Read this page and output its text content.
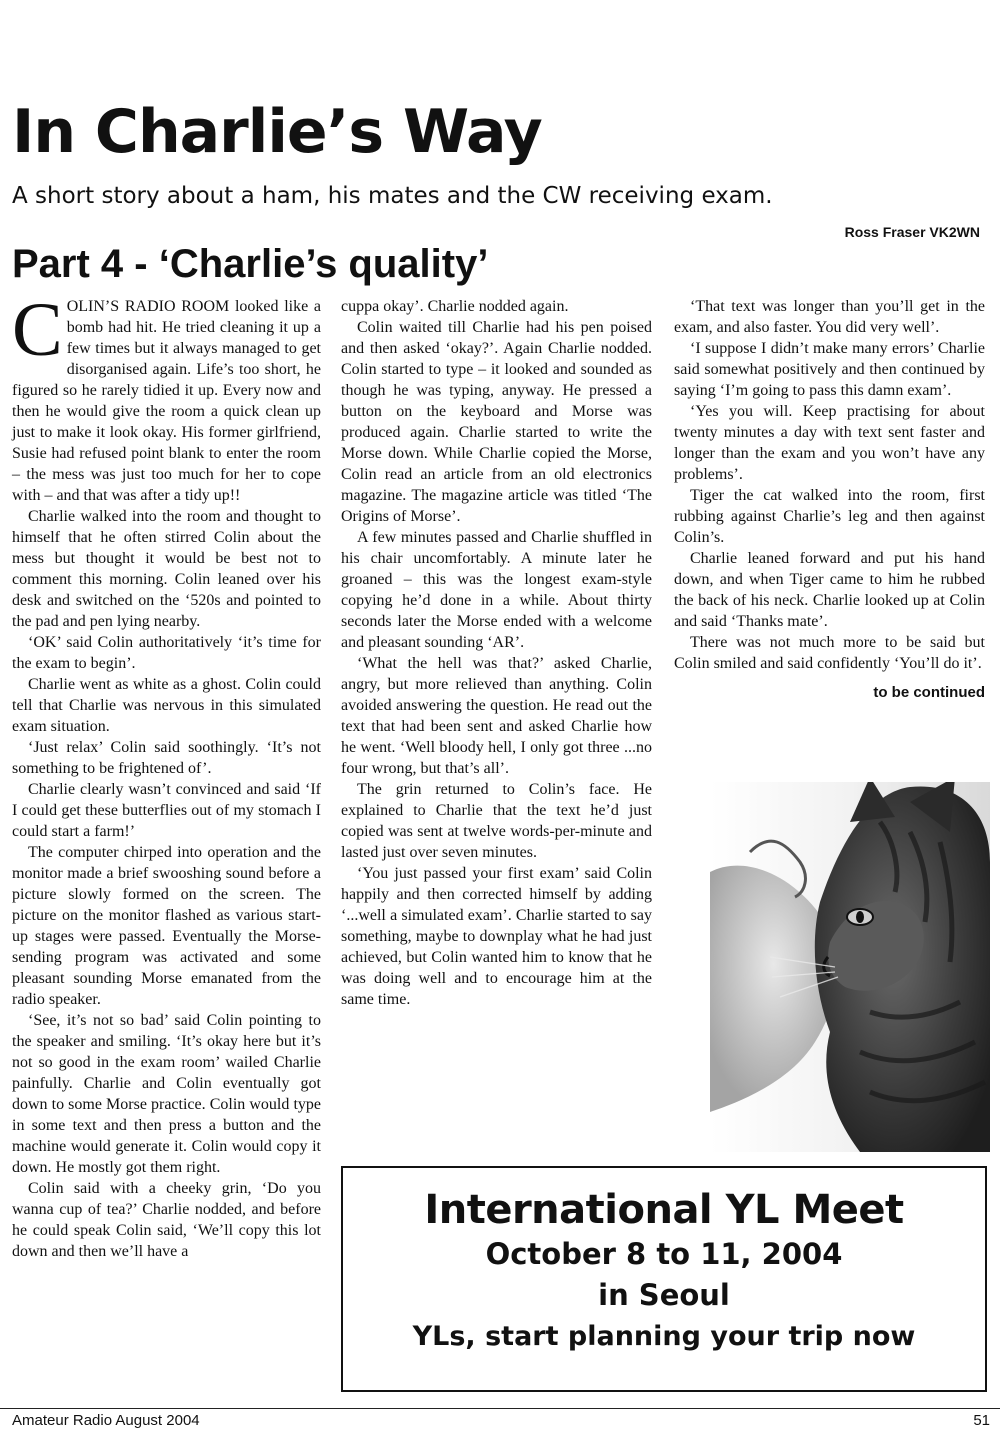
In Charlie’s Way
A short story about a ham, his mates and the CW receiving exam.
Ross Fraser VK2WN
Part 4 - ‘Charlie’s quality’

COLIN’S RADIO ROOM looked like a bomb had hit. He tried cleaning it up a few times but it always managed to get disorganised again. Life’s too short, he figured so he rarely tidied it up. Every now and then he would give the room a quick clean up just to make it look okay. His former girlfriend, Susie had refused point blank to enter the room – the mess was just too much for her to cope with – and that was after a tidy up!!

Charlie walked into the room and thought to himself that he often stirred Colin about the mess but thought it would be best not to comment this morning. Colin leaned over his desk and switched on the ‘520s and pointed to the pad and pen lying nearby.

‘OK’ said Colin authoritatively ‘it’s time for the exam to begin’.

Charlie went as white as a ghost. Colin could tell that Charlie was nervous in this simulated exam situation.

‘Just relax’ Colin said soothingly. ‘It’s not something to be frightened of’.

Charlie clearly wasn’t convinced and said ‘If I could get these butterflies out of my stomach I could start a farm!’

The computer chirped into operation and the monitor made a brief swooshing sound before a picture slowly formed on the screen. The picture on the monitor flashed as various start-up stages were passed. Eventually the Morse-sending program was activated and some pleasant sounding Morse emanated from the radio speaker.

‘See, it’s not so bad’ said Colin pointing to the speaker and smiling. ‘It’s okay here but it’s not so good in the exam room’ wailed Charlie painfully. Charlie and Colin eventually got down to some Morse practice. Colin would type in some text and then press a button and the machine would generate it. Colin would copy it down. He mostly got them right.

Colin said with a cheeky grin, ‘Do you wanna cup of tea?’ Charlie nodded, and before he could speak Colin said, ‘We’ll copy this lot down and then we’ll have a

cuppa okay’. Charlie nodded again.

Colin waited till Charlie had his pen poised and then asked ‘okay?’. Again Charlie nodded. Colin started to type – it looked and sounded as though he was typing, anyway. He pressed a button on the keyboard and Morse was produced again. Charlie started to write the Morse down. While Charlie copied the Morse, Colin read an article from an old electronics magazine. The magazine article was titled ‘The Origins of Morse’.

A few minutes passed and Charlie shuffled in his chair uncomfortably. A minute later he groaned – this was the longest exam-style copying he’d done in a while. About thirty seconds later the Morse ended with a welcome and pleasant sounding ‘AR’.

‘What the hell was that?’ asked Charlie, angry, but more relieved than anything. Colin avoided answering the question. He read out the text that had been sent and asked Charlie how he went. ‘Well bloody hell, I only got three ...no four wrong, but that’s all’.

The grin returned to Colin’s face. He explained to Charlie that the text he’d just copied was sent at twelve words-per-minute and lasted just over seven minutes.

‘You just passed your first exam’ said Colin happily and then corrected himself by adding ‘...well a simulated exam’. Charlie started to say something, maybe to downplay what he had just achieved, but Colin wanted him to know that he was doing well and to encourage him at the same time.

‘That text was longer than you’ll get in the exam, and also faster. You did very well’.

‘I suppose I didn’t make many errors’ Charlie said somewhat positively and then continued by saying ‘I’m going to pass this damn exam’.

‘Yes you will. Keep practising for about twenty minutes a day with text sent faster and longer than the exam and you won’t have any problems’.

Tiger the cat walked into the room, first rubbing against Charlie’s leg and then against Colin’s.

Charlie leaned forward and put his hand down, and when Tiger came to him he rubbed the back of his neck. Charlie looked up at Colin and said ‘Thanks mate’.

There was not much more to be said but Colin smiled and said confidently ‘You’ll do it’.

to be continued

International YL Meet
October 8 to 11, 2004
in Seoul
YLs, start planning your trip now
Amateur Radio August 2004	51
